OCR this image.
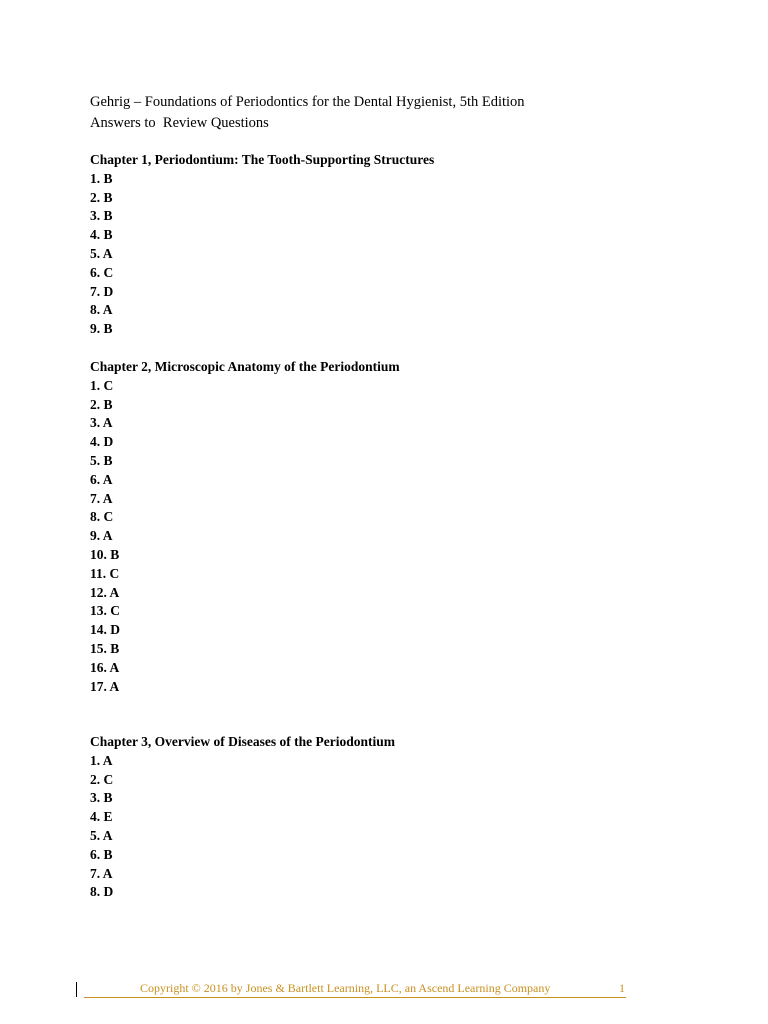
Gehrig – Foundations of Periodontics for the Dental Hygienist, 5th Edition
Answers to  Review Questions
Chapter 1, Periodontium: The Tooth-Supporting Structures
1. B
2. B
3. B
4. B
5. A
6. C
7. D
8. A
9. B
Chapter 2, Microscopic Anatomy of the Periodontium
1. C
2. B
3. A
4. D
5. B
6. A
7. A
8. C
9. A
10. B
11. C
12. A
13. C
14. D
15. B
16. A
17. A
Chapter 3, Overview of Diseases of the Periodontium
1. A
2. C
3. B
4. E
5. A
6. B
7. A
8. D
Copyright © 2016 by Jones & Bartlett Learning, LLC, an Ascend Learning Company	1
